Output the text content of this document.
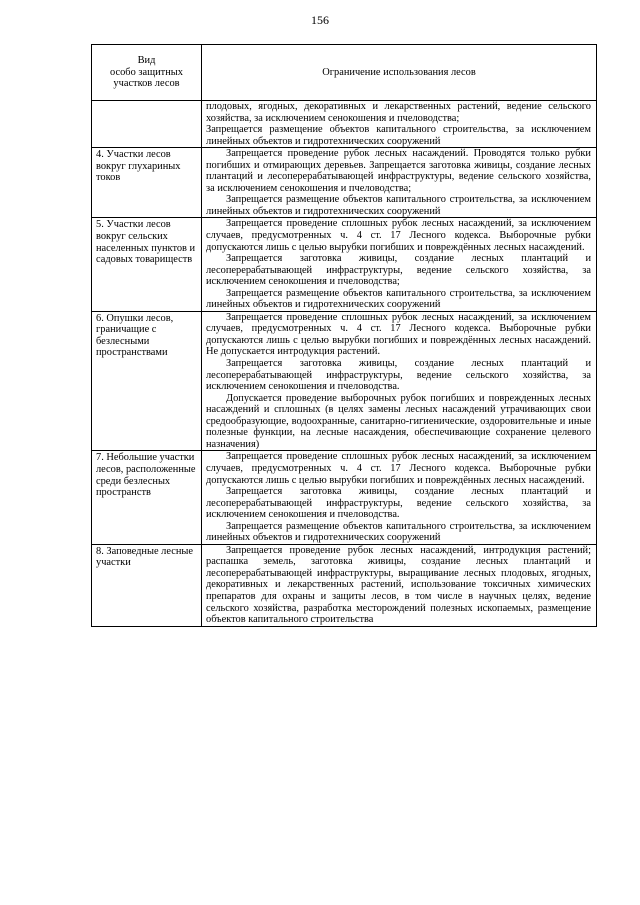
156
Вид
особо защитных
участков лесов	Ограничение использования лесов

	плодовых, ягодных, декоративных и лекарственных растений, ведение сельского хозяйства, за исключением сенокошения и пчеловодства;
Запрещается размещение объектов капитального строительства, за исключением линейных объектов и гидротехнических сооружений

4. Участки лесов вокруг глухариных токов	Запрещается проведение рубок лесных насаждений. Проводятся только рубки погибших и отмирающих деревьев. Запрещается заготовка живицы, создание лесных плантаций и лесоперерабатывающей инфраструктуры, ведение сельского хозяйства, за исключением сенокошения и пчеловодства;
Запрещается размещение объектов капитального строительства, за исключением линейных объектов и гидротехнических сооружений

5. Участки лесов вокруг сельских населенных пунктов и садовых товариществ	Запрещается проведение сплошных рубок лесных насаждений, за исключением случаев, предусмотренных ч. 4 ст. 17 Лесного кодекса. Выборочные рубки допускаются лишь с целью вырубки погибших и повреждённых лесных насаждений.
Запрещается заготовка живицы, создание лесных плантаций и лесоперерабатывающей инфраструктуры, ведение сельского хозяйства, за исключением сенокошения и пчеловодства;
Запрещается размещение объектов капитального строительства, за исключением линейных объектов и гидротехнических сооружений

6. Опушки лесов, граничащие с безлесными пространствами	Запрещается проведение сплошных рубок лесных насаждений, за исключением случаев, предусмотренных ч. 4 ст. 17 Лесного кодекса. Выборочные рубки допускаются лишь с целью вырубки погибших и повреждённых лесных насаждений. Не допускается интродукция растений.
Запрещается заготовка живицы, создание лесных плантаций и лесоперерабатывающей инфраструктуры, ведение сельского хозяйства, за исключением сенокошения и пчеловодства.
Допускается проведение выборочных рубок погибших и поврежденных лесных насаждений и сплошных (в целях замены лесных насаждений утрачивающих свои средообразующие, водоохранные, санитарно-гигиенические, оздоровительные и иные полезные функции, на лесные насаждения, обеспечивающие сохранение целевого назначения)

7. Небольшие участки лесов, расположенные среди безлесных пространств	Запрещается проведение сплошных рубок лесных насаждений, за исключением случаев, предусмотренных ч. 4 ст. 17 Лесного кодекса. Выборочные рубки допускаются лишь с целью вырубки погибших и повреждённых лесных насаждений.
Запрещается заготовка живицы, создание лесных плантаций и лесоперерабатывающей инфраструктуры, ведение сельского хозяйства, за исключением сенокошения и пчеловодства.
Запрещается размещение объектов капитального строительства, за исключением линейных объектов и гидротехнических сооружений

8. Заповедные лесные участки	Запрещается проведение рубок лесных насаждений, интродукция растений; распашка земель, заготовка живицы, создание лесных плантаций и лесоперерабатывающей инфраструктуры, выращивание лесных плодовых, ягодных, декоративных и лекарственных растений, использование токсичных химических препаратов для охраны и защиты лесов, в том числе в научных целях, ведение сельского хозяйства, разработка месторождений полезных ископаемых, размещение объектов капитального строительства
